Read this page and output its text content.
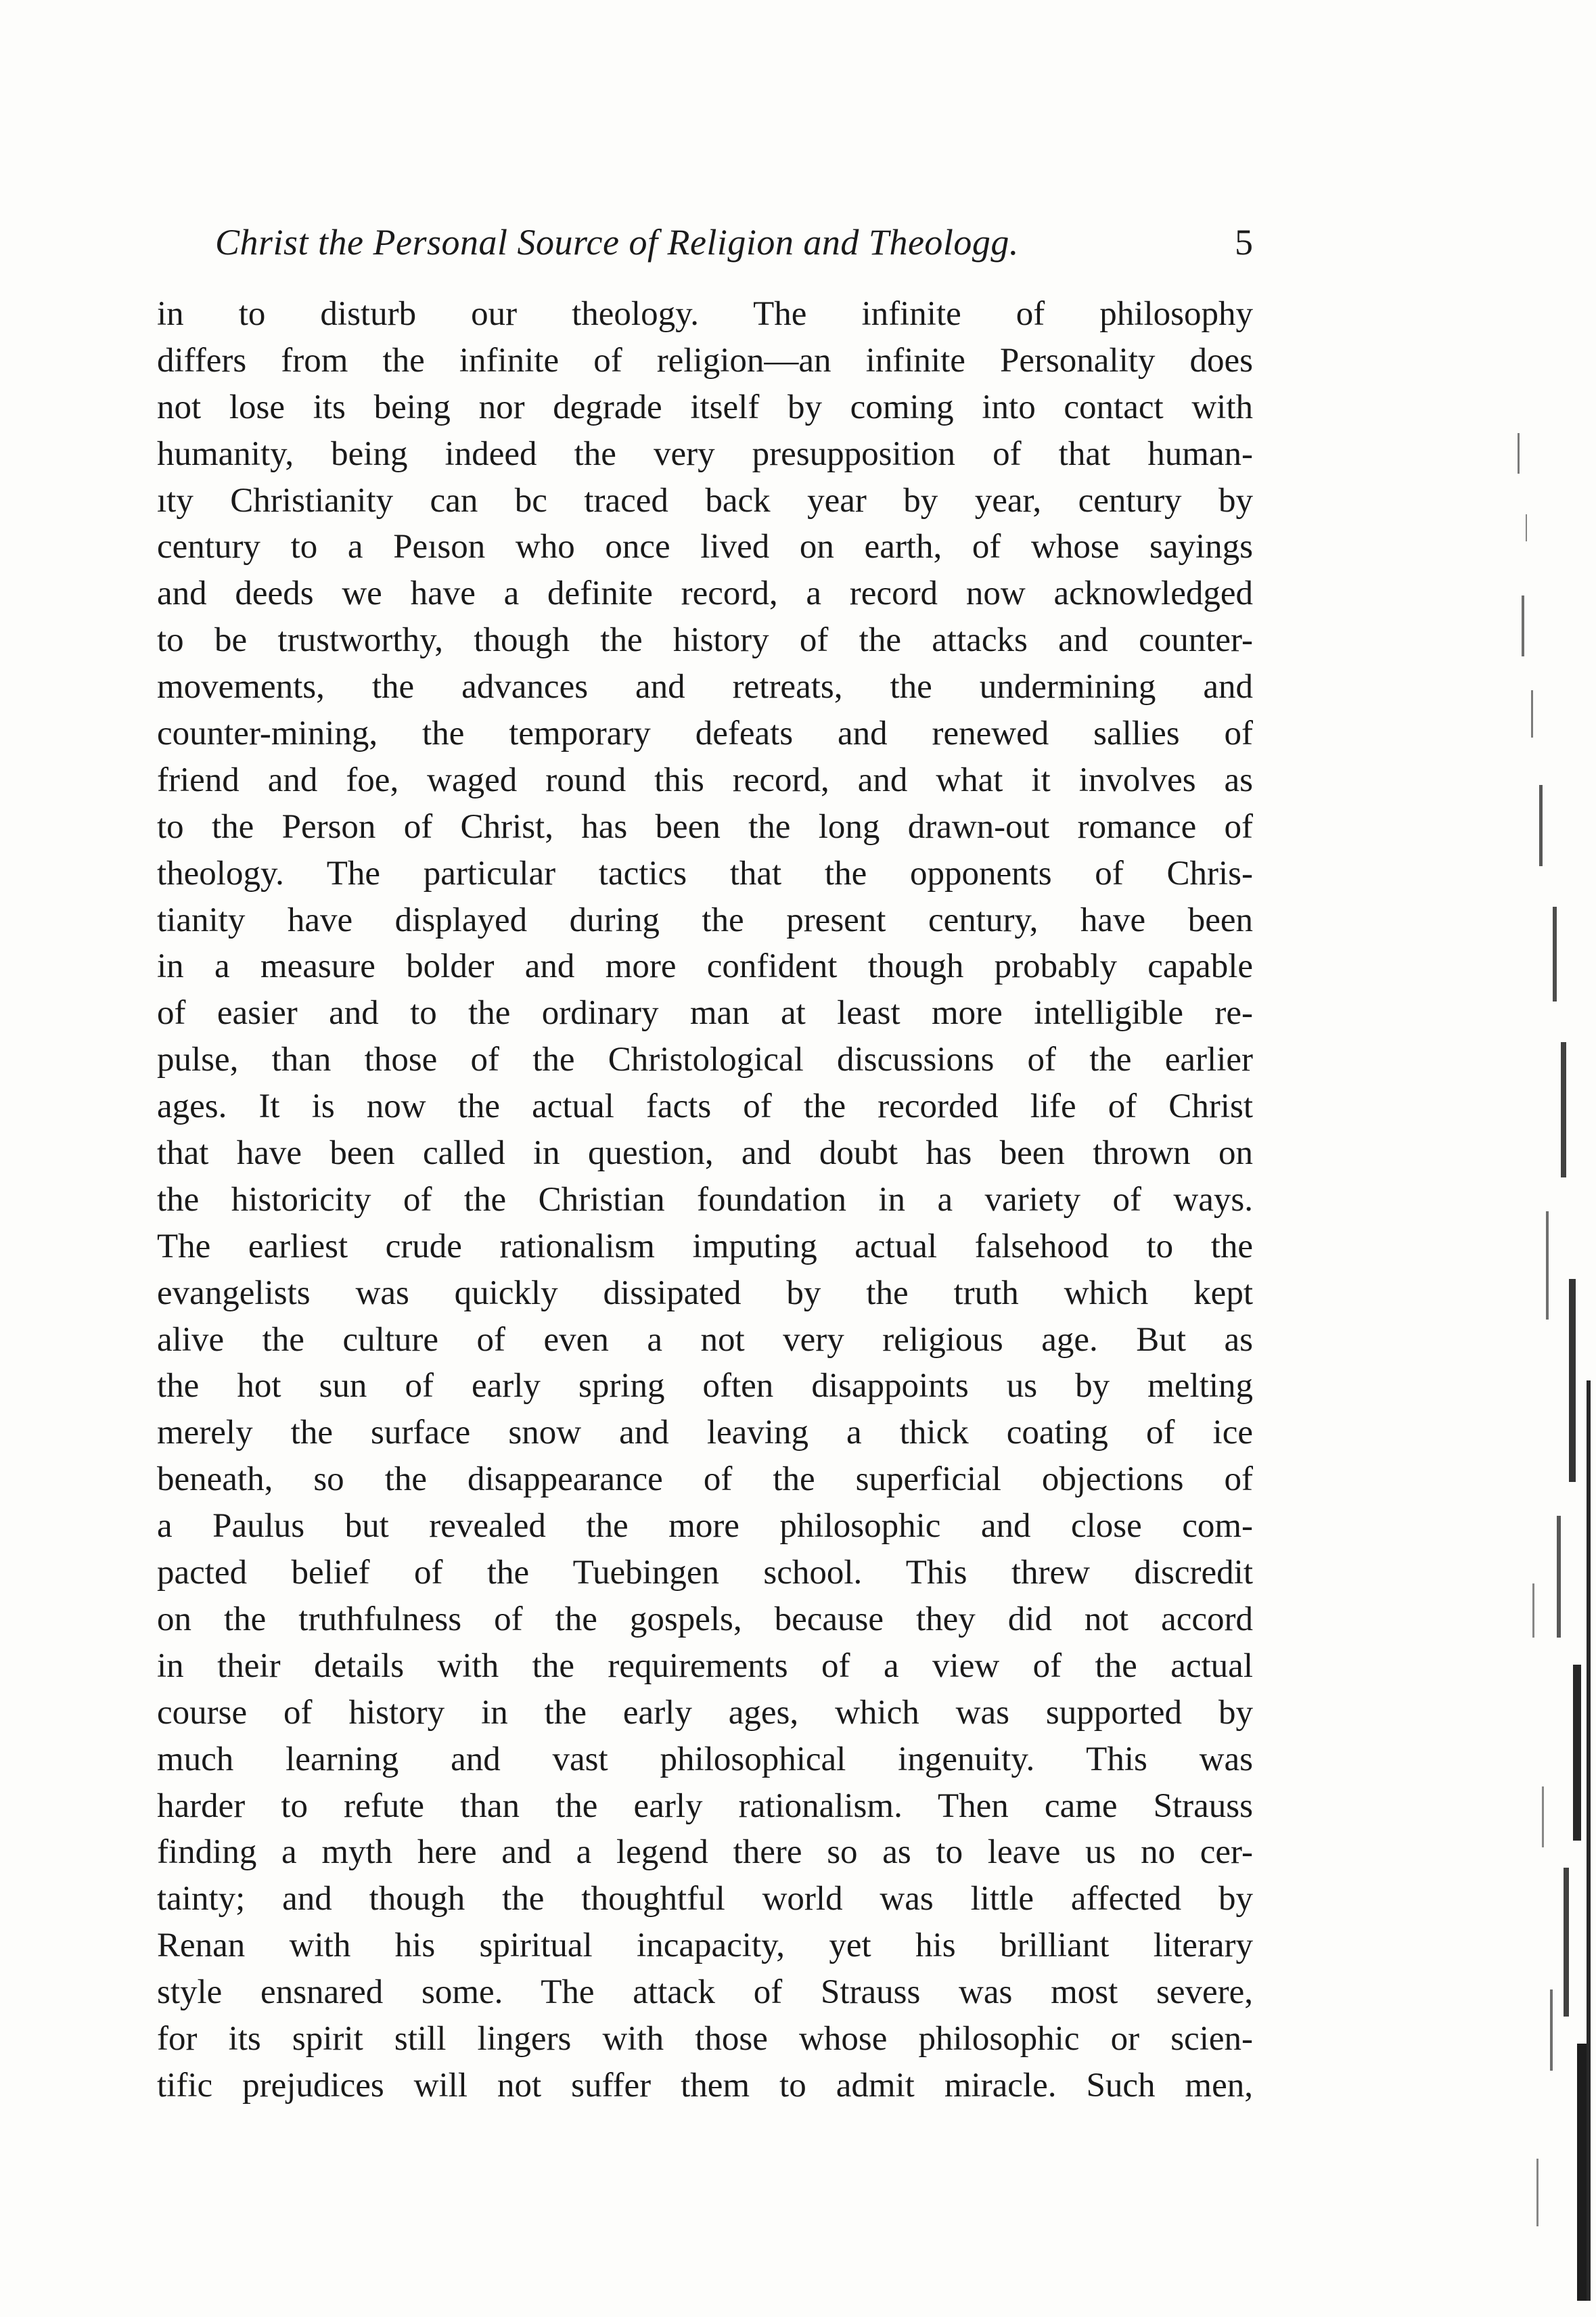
Christ the Personal Source of Religion and Theologg.	5
in to disturb our theology. The infinite of philosophy
differs from the infinite of religion—an infinite Personality does
not lose its being nor degrade itself by coming into contact with
humanity, being indeed the very presupposition of that human-
ıty Christianity can bc traced back year by year, century by
century to a Peıson who once lived on earth, of whose sayings
and deeds we have a definite record, a record now acknowledged
to be trustworthy, though the history of the attacks and counter-
movements, the advances and retreats, the undermining and
counter-mining, the temporary defeats and renewed sallies of
friend and foe, waged round this record, and what it involves as
to the Person of Christ, has been the long drawn-out romance of
theology. The particular tactics that the opponents of Chris-
tianity have displayed during the present century, have been
in a measure bolder and more confident though probably capable
of easier and to the ordinary man at least more intelligible re-
pulse, than those of the Christological discussions of the earlier
ages. It is now the actual facts of the recorded life of Christ
that have been called in question, and doubt has been thrown on
the historicity of the Christian foundation in a variety of ways.
The earliest crude rationalism imputing actual falsehood to the
evangelists was quickly dissipated by the truth which kept
alive the culture of even a not very religious age. But as
the hot sun of early spring often disappoints us by melting
merely the surface snow and leaving a thick coating of ice
beneath, so the disappearance of the superficial objections of
a Paulus but revealed the more philosophic and close com-
pacted belief of the Tuebingen school. This threw discredit
on the truthfulness of the gospels, because they did not accord
in their details with the requirements of a view of the actual
course of history in the early ages, which was supported by
much learning and vast philosophical ingenuity. This was
harder to refute than the early rationalism. Then came Strauss
finding a myth here and a legend there so as to leave us no cer-
tainty; and though the thoughtful world was little affected by
Renan with his spiritual incapacity, yet his brilliant literary
style ensnared some. The attack of Strauss was most severe,
for its spirit still lingers with those whose philosophic or scien-
tific prejudices will not suffer them to admit miracle. Such men,
